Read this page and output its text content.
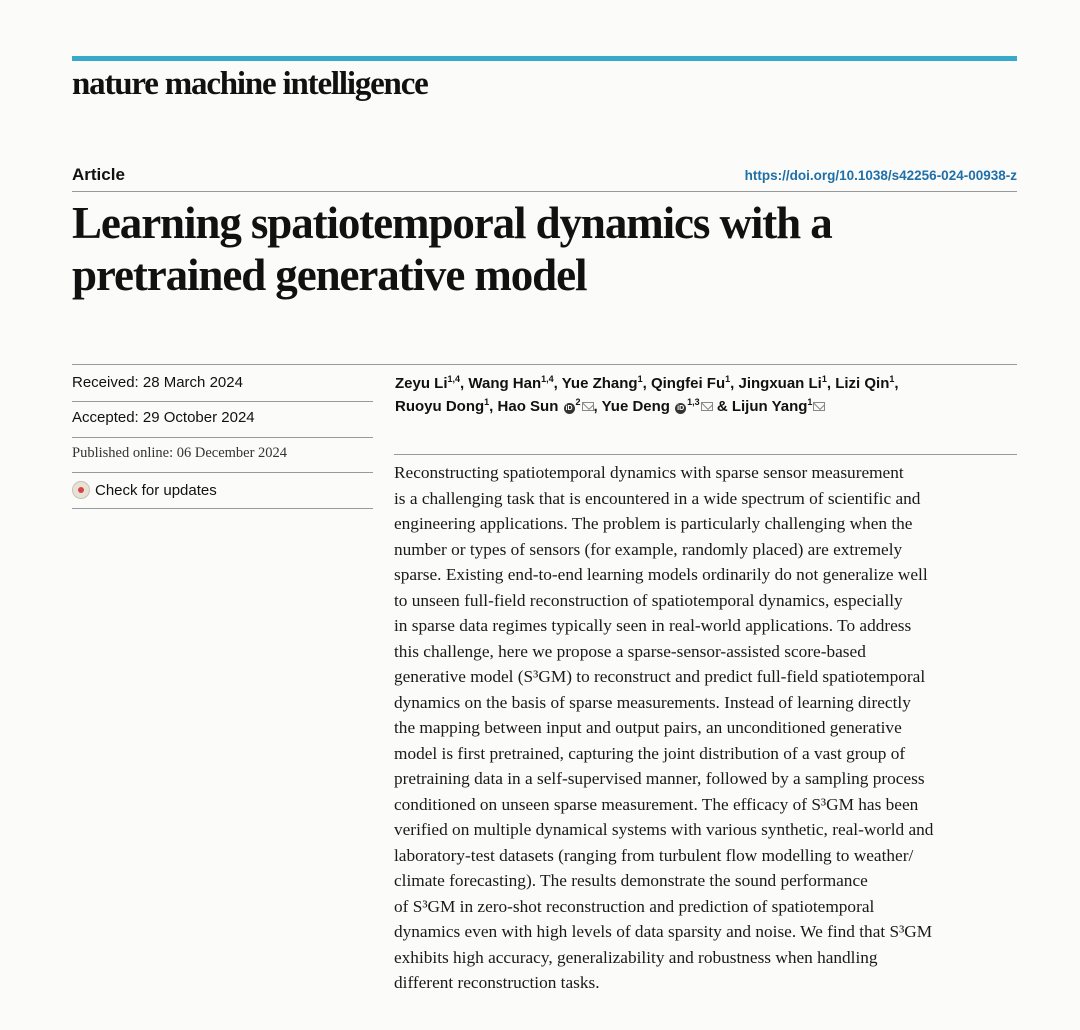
nature machine intelligence
Article	https://doi.org/10.1038/s42256-024-00938-z
Learning spatiotemporal dynamics with a
pretrained generative model
Received: 28 March 2024
Accepted: 29 October 2024
Published online: 06 December 2024
Check for updates
Zeyu Li$^{1,4}$, Wang Han$^{1,4}$, Yue Zhang$^1$, Qingfei Fu$^1$, Jingxuan Li$^1$, Lizi Qin$^1$,
Ruoyu Dong$^1$, Hao Sun $iD^2$ , Yue Deng iD$^{1,3}$ & Lijun Yang$^1$
Reconstructing spatiotemporal dynamics with sparse sensor measurement
is a challenging task that is encountered in a wide spectrum of scientific and
engineering applications. The problem is particularly challenging when the
number or types of sensors (for example, randomly placed) are extremely
sparse. Existing end-to-end learning models ordinarily do not generalize well
to unseen full-field reconstruction of spatiotemporal dynamics, especially
in sparse data regimes typically seen in real-world applications. To address
this challenge, here we propose a sparse-sensor-assisted score-based
generative model (S³GM) to reconstruct and predict full-field spatiotemporal
dynamics on the basis of sparse measurements. Instead of learning directly
the mapping between input and output pairs, an unconditioned generative
model is first pretrained, capturing the joint distribution of a vast group of
pretraining data in a self-supervised manner, followed by a sampling process
conditioned on unseen sparse measurement. The efficacy of S³GM has been
verified on multiple dynamical systems with various synthetic, real-world and
laboratory-test datasets (ranging from turbulent flow modelling to weather/
climate forecasting). The results demonstrate the sound performance
of S³GM in zero-shot reconstruction and prediction of spatiotemporal
dynamics even with high levels of data sparsity and noise. We find that S³GM
exhibits high accuracy, generalizability and robustness when handling
different reconstruction tasks.
